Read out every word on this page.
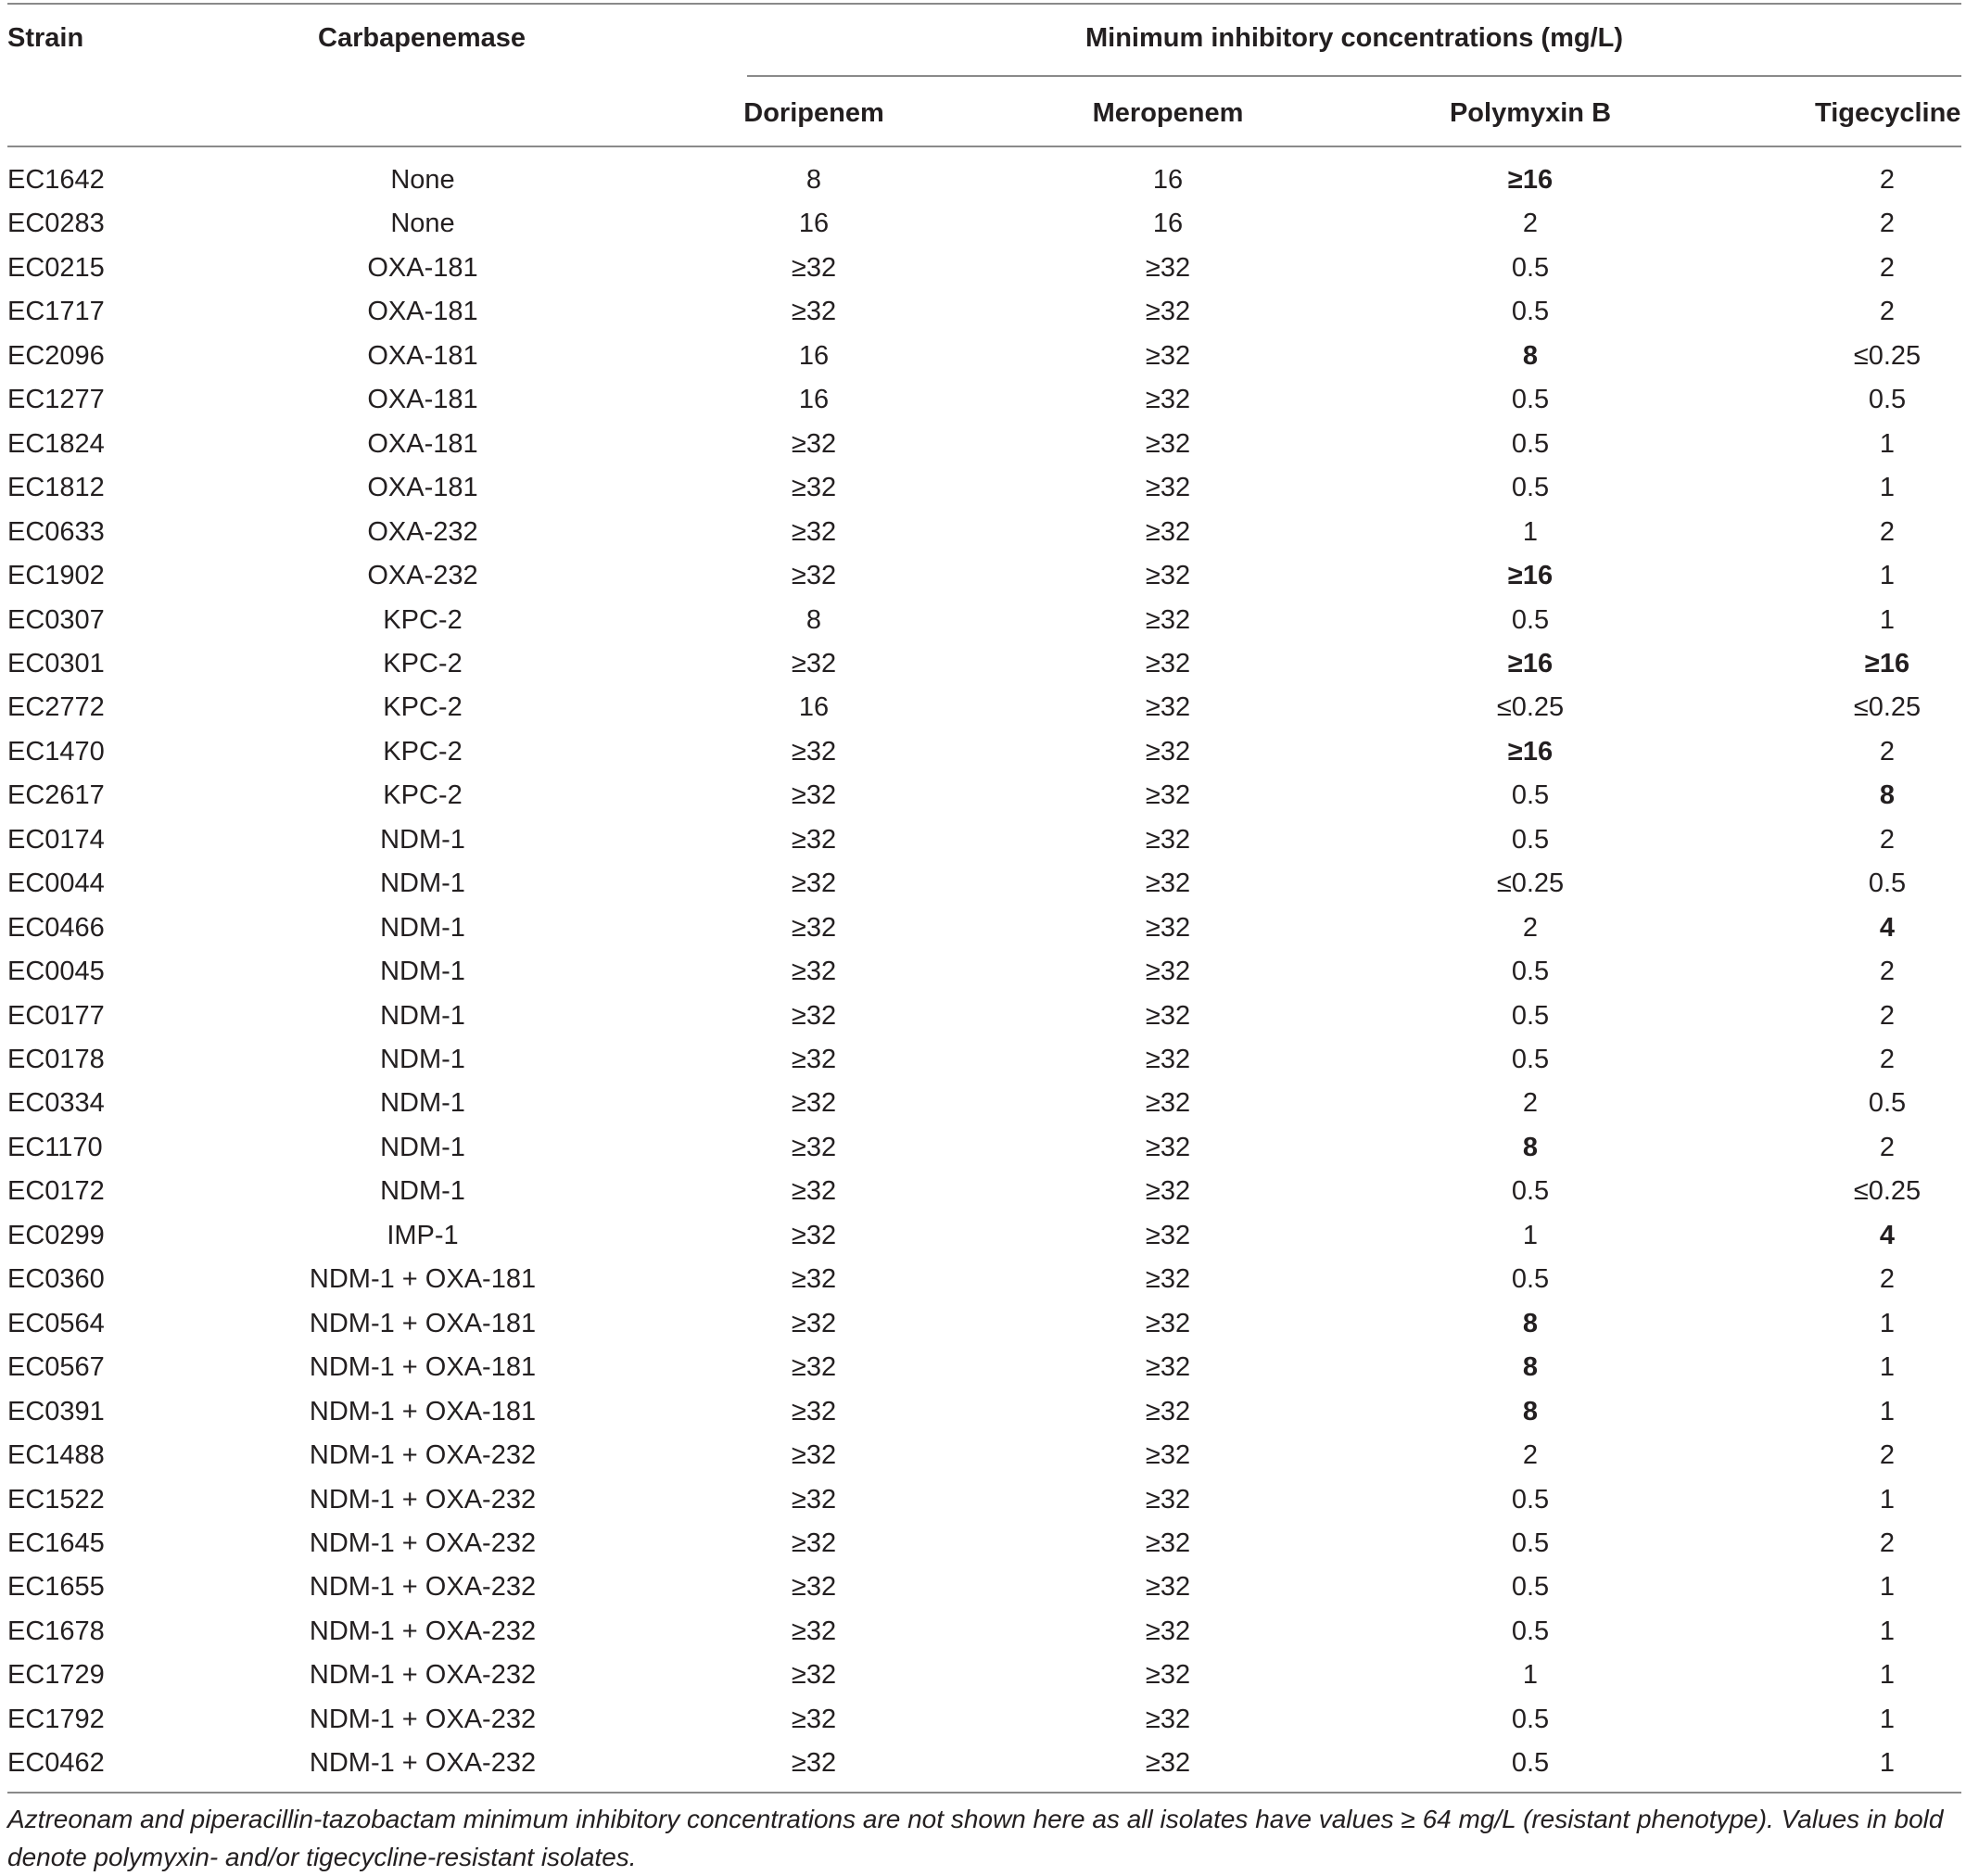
Strain	Carbapenemase	Minimum inhibitory concentrations (mg/L)
Doripenem	Meropenem	Polymyxin B	Tigecycline
EC1642	None	8	16	≥16	2
EC0283	None	16	16	2	2
EC0215	OXA-181	≥32	≥32	0.5	2
EC1717	OXA-181	≥32	≥32	0.5	2
EC2096	OXA-181	16	≥32	8	≤0.25
EC1277	OXA-181	16	≥32	0.5	0.5
EC1824	OXA-181	≥32	≥32	0.5	1
EC1812	OXA-181	≥32	≥32	0.5	1
EC0633	OXA-232	≥32	≥32	1	2
EC1902	OXA-232	≥32	≥32	≥16	1
EC0307	KPC-2	8	≥32	0.5	1
EC0301	KPC-2	≥32	≥32	≥16	≥16
EC2772	KPC-2	16	≥32	≤0.25	≤0.25
EC1470	KPC-2	≥32	≥32	≥16	2
EC2617	KPC-2	≥32	≥32	0.5	8
EC0174	NDM-1	≥32	≥32	0.5	2
EC0044	NDM-1	≥32	≥32	≤0.25	0.5
EC0466	NDM-1	≥32	≥32	2	4
EC0045	NDM-1	≥32	≥32	0.5	2
EC0177	NDM-1	≥32	≥32	0.5	2
EC0178	NDM-1	≥32	≥32	0.5	2
EC0334	NDM-1	≥32	≥32	2	0.5
EC1170	NDM-1	≥32	≥32	8	2
EC0172	NDM-1	≥32	≥32	0.5	≤0.25
EC0299	IMP-1	≥32	≥32	1	4
EC0360	NDM-1 + OXA-181	≥32	≥32	0.5	2
EC0564	NDM-1 + OXA-181	≥32	≥32	8	1
EC0567	NDM-1 + OXA-181	≥32	≥32	8	1
EC0391	NDM-1 + OXA-181	≥32	≥32	8	1
EC1488	NDM-1 + OXA-232	≥32	≥32	2	2
EC1522	NDM-1 + OXA-232	≥32	≥32	0.5	1
EC1645	NDM-1 + OXA-232	≥32	≥32	0.5	2
EC1655	NDM-1 + OXA-232	≥32	≥32	0.5	1
EC1678	NDM-1 + OXA-232	≥32	≥32	0.5	1
EC1729	NDM-1 + OXA-232	≥32	≥32	1	1
EC1792	NDM-1 + OXA-232	≥32	≥32	0.5	1
EC0462	NDM-1 + OXA-232	≥32	≥32	0.5	1
Aztreonam and piperacillin-tazobactam minimum inhibitory concentrations are not shown here as all isolates have values ≥ 64 mg/L (resistant phenotype). Values in bold denote polymyxin- and/or tigecycline-resistant isolates.
